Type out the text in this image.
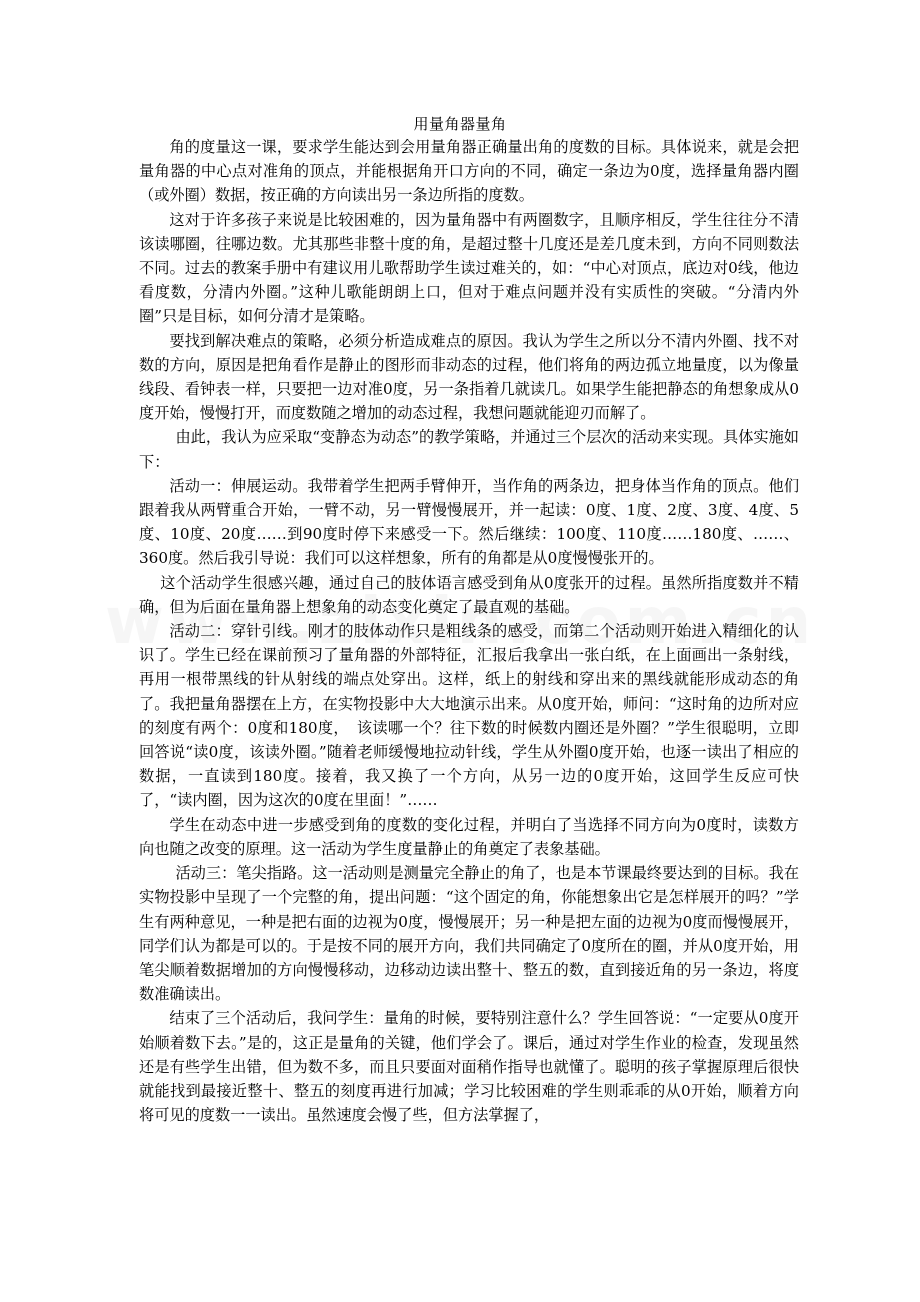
用量角器量角

角的度量这一课，要求学生能达到会用量角器正确量出角的度数的目标。具体说来，就是会把量角器的中心点对准角的顶点，并能根据角开口方向的不同，确定一条边为0度，选择量角器内圈（或外圈）数据，按正确的方向读出另一条边所指的度数。

这对于许多孩子来说是比较困难的，因为量角器中有两圈数字，且顺序相反，学生往往分不清该读哪圈，往哪边数。尤其那些非整十度的角，是超过整十几度还是差几度未到，方向不同则数法不同。过去的教案手册中有建议用儿歌帮助学生读过难关的，如：“中心对顶点，底边对0线，他边看度数，分清内外圈。”这种儿歌能朗朗上口，但对于难点问题并没有实质性的突破。“分清内外圈”只是目标，如何分清才是策略。

要找到解决难点的策略，必须分析造成难点的原因。我认为学生之所以分不清内外圈、找不对数的方向，原因是把角看作是静止的图形而非动态的过程，他们将角的两边孤立地量度，以为像量线段、看钟表一样，只要把一边对准0度，另一条指着几就读几。如果学生能把静态的角想象成从0度开始，慢慢打开，而度数随之增加的动态过程，我想问题就能迎刃而解了。

由此，我认为应采取“变静态为动态”的教学策略，并通过三个层次的活动来实现。具体实施如下：

活动一：伸展运动。我带着学生把两手臂伸开，当作角的两条边，把身体当作角的顶点。他们跟着我从两臂重合开始，一臂不动，另一臂慢慢展开，并一起读：0度、1度、2度、3度、4度、5度、10度、20度……到90度时停下来感受一下。然后继续：100度、110度……180度、……、360度。然后我引导说：我们可以这样想象，所有的角都是从0度慢慢张开的。

这个活动学生很感兴趣，通过自己的肢体语言感受到角从0度张开的过程。虽然所指度数并不精确，但为后面在量角器上想象角的动态变化奠定了最直观的基础。

活动二：穿针引线。刚才的肢体动作只是粗线条的感受，而第二个活动则开始进入精细化的认识了。学生已经在课前预习了量角器的外部特征，汇报后我拿出一张白纸，在上面画出一条射线，再用一根带黑线的针从射线的端点处穿出。这样，纸上的射线和穿出来的黑线就能形成动态的角了。我把量角器摆在上方，在实物投影中大大地演示出来。从0度开始，师问：“这时角的边所对应的刻度有两个：0度和180度，　该读哪一个？往下数的时候数内圈还是外圈？”学生很聪明，立即回答说“读0度，该读外圈。”随着老师缓慢地拉动针线，学生从外圈0度开始，也逐一读出了相应的数据，一直读到180度。接着，我又换了一个方向，从另一边的0度开始，这回学生反应可快了，“读内圈，因为这次的0度在里面！”……

学生在动态中进一步感受到角的度数的变化过程，并明白了当选择不同方向为0度时，读数方向也随之改变的原理。这一活动为学生度量静止的角奠定了表象基础。

活动三：笔尖指路。这一活动则是测量完全静止的角了，也是本节课最终要达到的目标。我在实物投影中呈现了一个完整的角，提出问题：“这个固定的角，你能想象出它是怎样展开的吗？”学生有两种意见，一种是把右面的边视为0度，慢慢展开；另一种是把左面的边视为0度而慢慢展开，同学们认为都是可以的。于是按不同的展开方向，我们共同确定了0度所在的圈，并从0度开始，用笔尖顺着数据增加的方向慢慢移动，边移动边读出整十、整五的数，直到接近角的另一条边，将度数准确读出。

结束了三个活动后，我问学生：量角的时候，要特别注意什么？学生回答说：“一定要从0度开始顺着数下去。”是的，这正是量角的关键，他们学会了。课后，通过对学生作业的检查，发现虽然还是有些学生出错，但为数不多，而且只要面对面稍作指导也就懂了。聪明的孩子掌握原理后很快就能找到最接近整十、整五的刻度再进行加减；学习比较困难的学生则乖乖的从0开始，顺着方向将可见的度数一一读出。虽然速度会慢了些，但方法掌握了，
